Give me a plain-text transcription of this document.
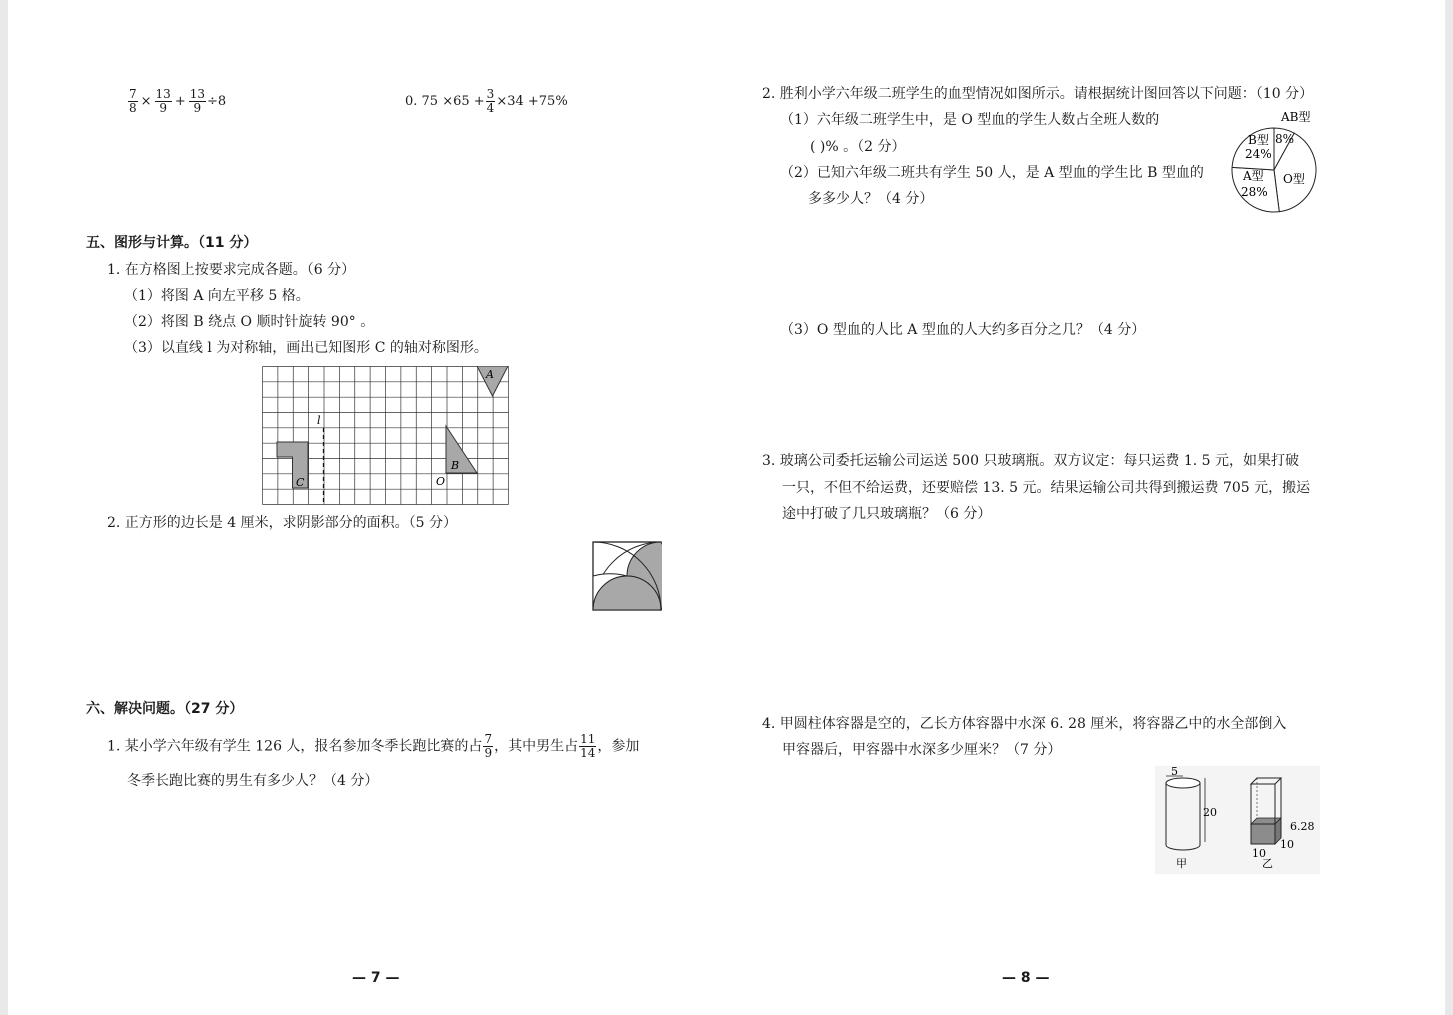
$\frac{7}{8} \times \frac{13}{9} + \frac{13}{9} \div 8$	0. $75 \times 65 + \frac{3}{4} \times 34 +75\%$
五、图形与计算。（11 分）
1. 在方格图上按要求完成各题。（6 分）
（1）将图 A 向左平移 5 格。
（2）将图 B 绕点 O 顺时针旋转 90° 。
（3）以直线 l 为对称轴，画出已知图形 C 的轴对称图形。
A
B
C	O
l
2. 正方形的边长是 4 厘米，求阴影部分的面积。（5 分）
六、解决问题。（27 分）
1. 某小学六年级有学生 126 人，报名参加冬季长跑比赛的占 $\frac{7}{9}$ ，其中男生占 $\frac{11}{14}$ ，参加
冬季长跑比赛的男生有多少人？（4 分）
— 7 —
2. 胜利小学六年级二班学生的血型情况如图所示。请根据统计图回答以下问题：（10 分）
（1）六年级二班学生中，是 O 型血的学生人数占全班人数的
( )% 。（2 分）
（2）已知六年级二班共有学生 50 人，是 A 型血的学生比 B 型血的
多多少人？（4 分）
AB型
8%
B型
24%
A型
28%
O型
（3）O 型血的人比 A 型血的人大约多百分之几？（4 分）
3. 玻璃公司委托运输公司运送 500 只玻璃瓶。双方议定：每只运费 1. 5 元，如果打破
一只，不但不给运费，还要赔偿 13. 5 元。结果运输公司共得到搬运费 705 元，搬运
途中打破了几只玻璃瓶？（6 分）
4. 甲圆柱体容器是空的，乙长方体容器中水深 6. 28 厘米，将容器乙中的水全部倒入
甲容器后，甲容器中水深多少厘米？（7 分）
5
20
甲
6.28
10
10
乙
— 8 —
